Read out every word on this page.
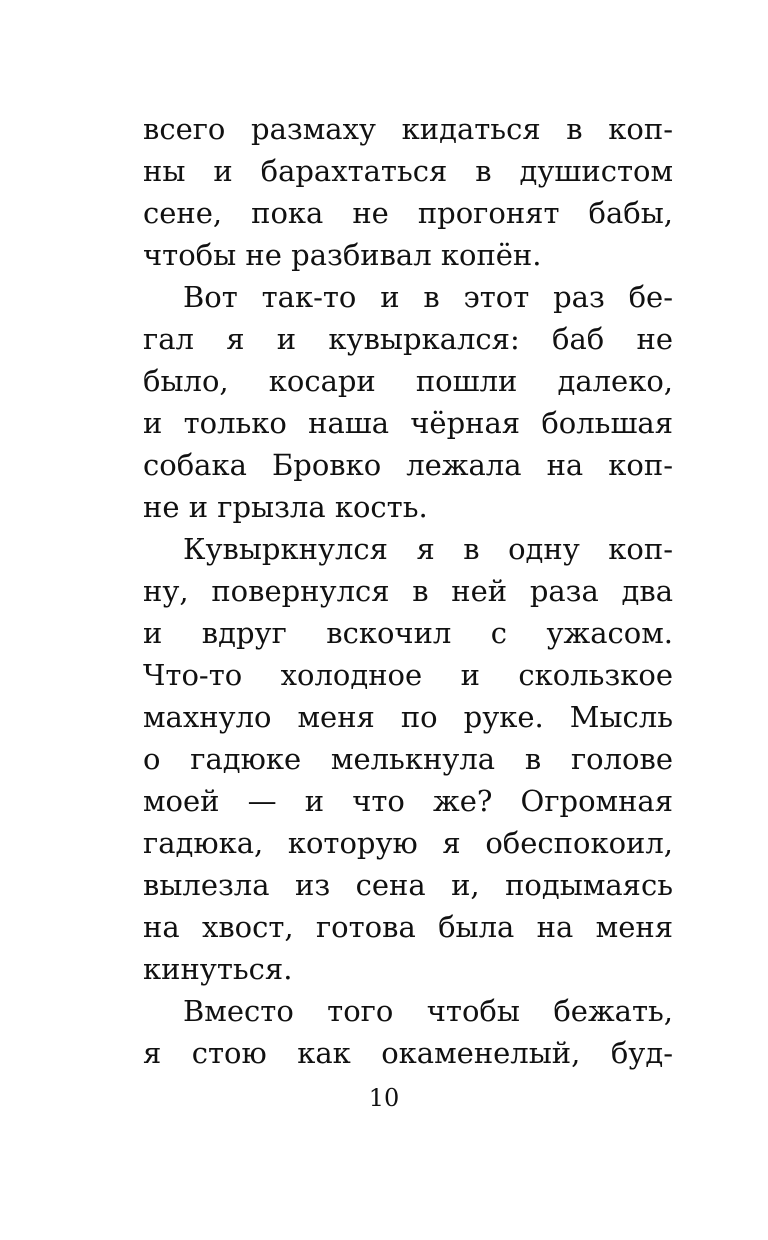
всего размаху кидаться в коп-
ны и барахтаться в душистом
сене, пока не прогонят бабы,
чтобы не разбивал копён.
Вот так-то и в этот раз бе-
гал я и кувыркался: баб не
было, косари пошли далеко,
и только наша чёрная большая
собака Бровко лежала на коп-
не и грызла кость.
Кувыркнулся я в одну коп-
ну, повернулся в ней раза два
и вдруг вскочил с ужасом.
Что-то холодное и скользкое
махнуло меня по руке. Мысль
о гадюке мелькнула в голове
моей — и что же? Огромная
гадюка, которую я обеспокоил,
вылезла из сена и, подымаясь
на хвост, готова была на меня
кинуться.
Вместо того чтобы бежать,
я стою как окаменелый, буд-
10
